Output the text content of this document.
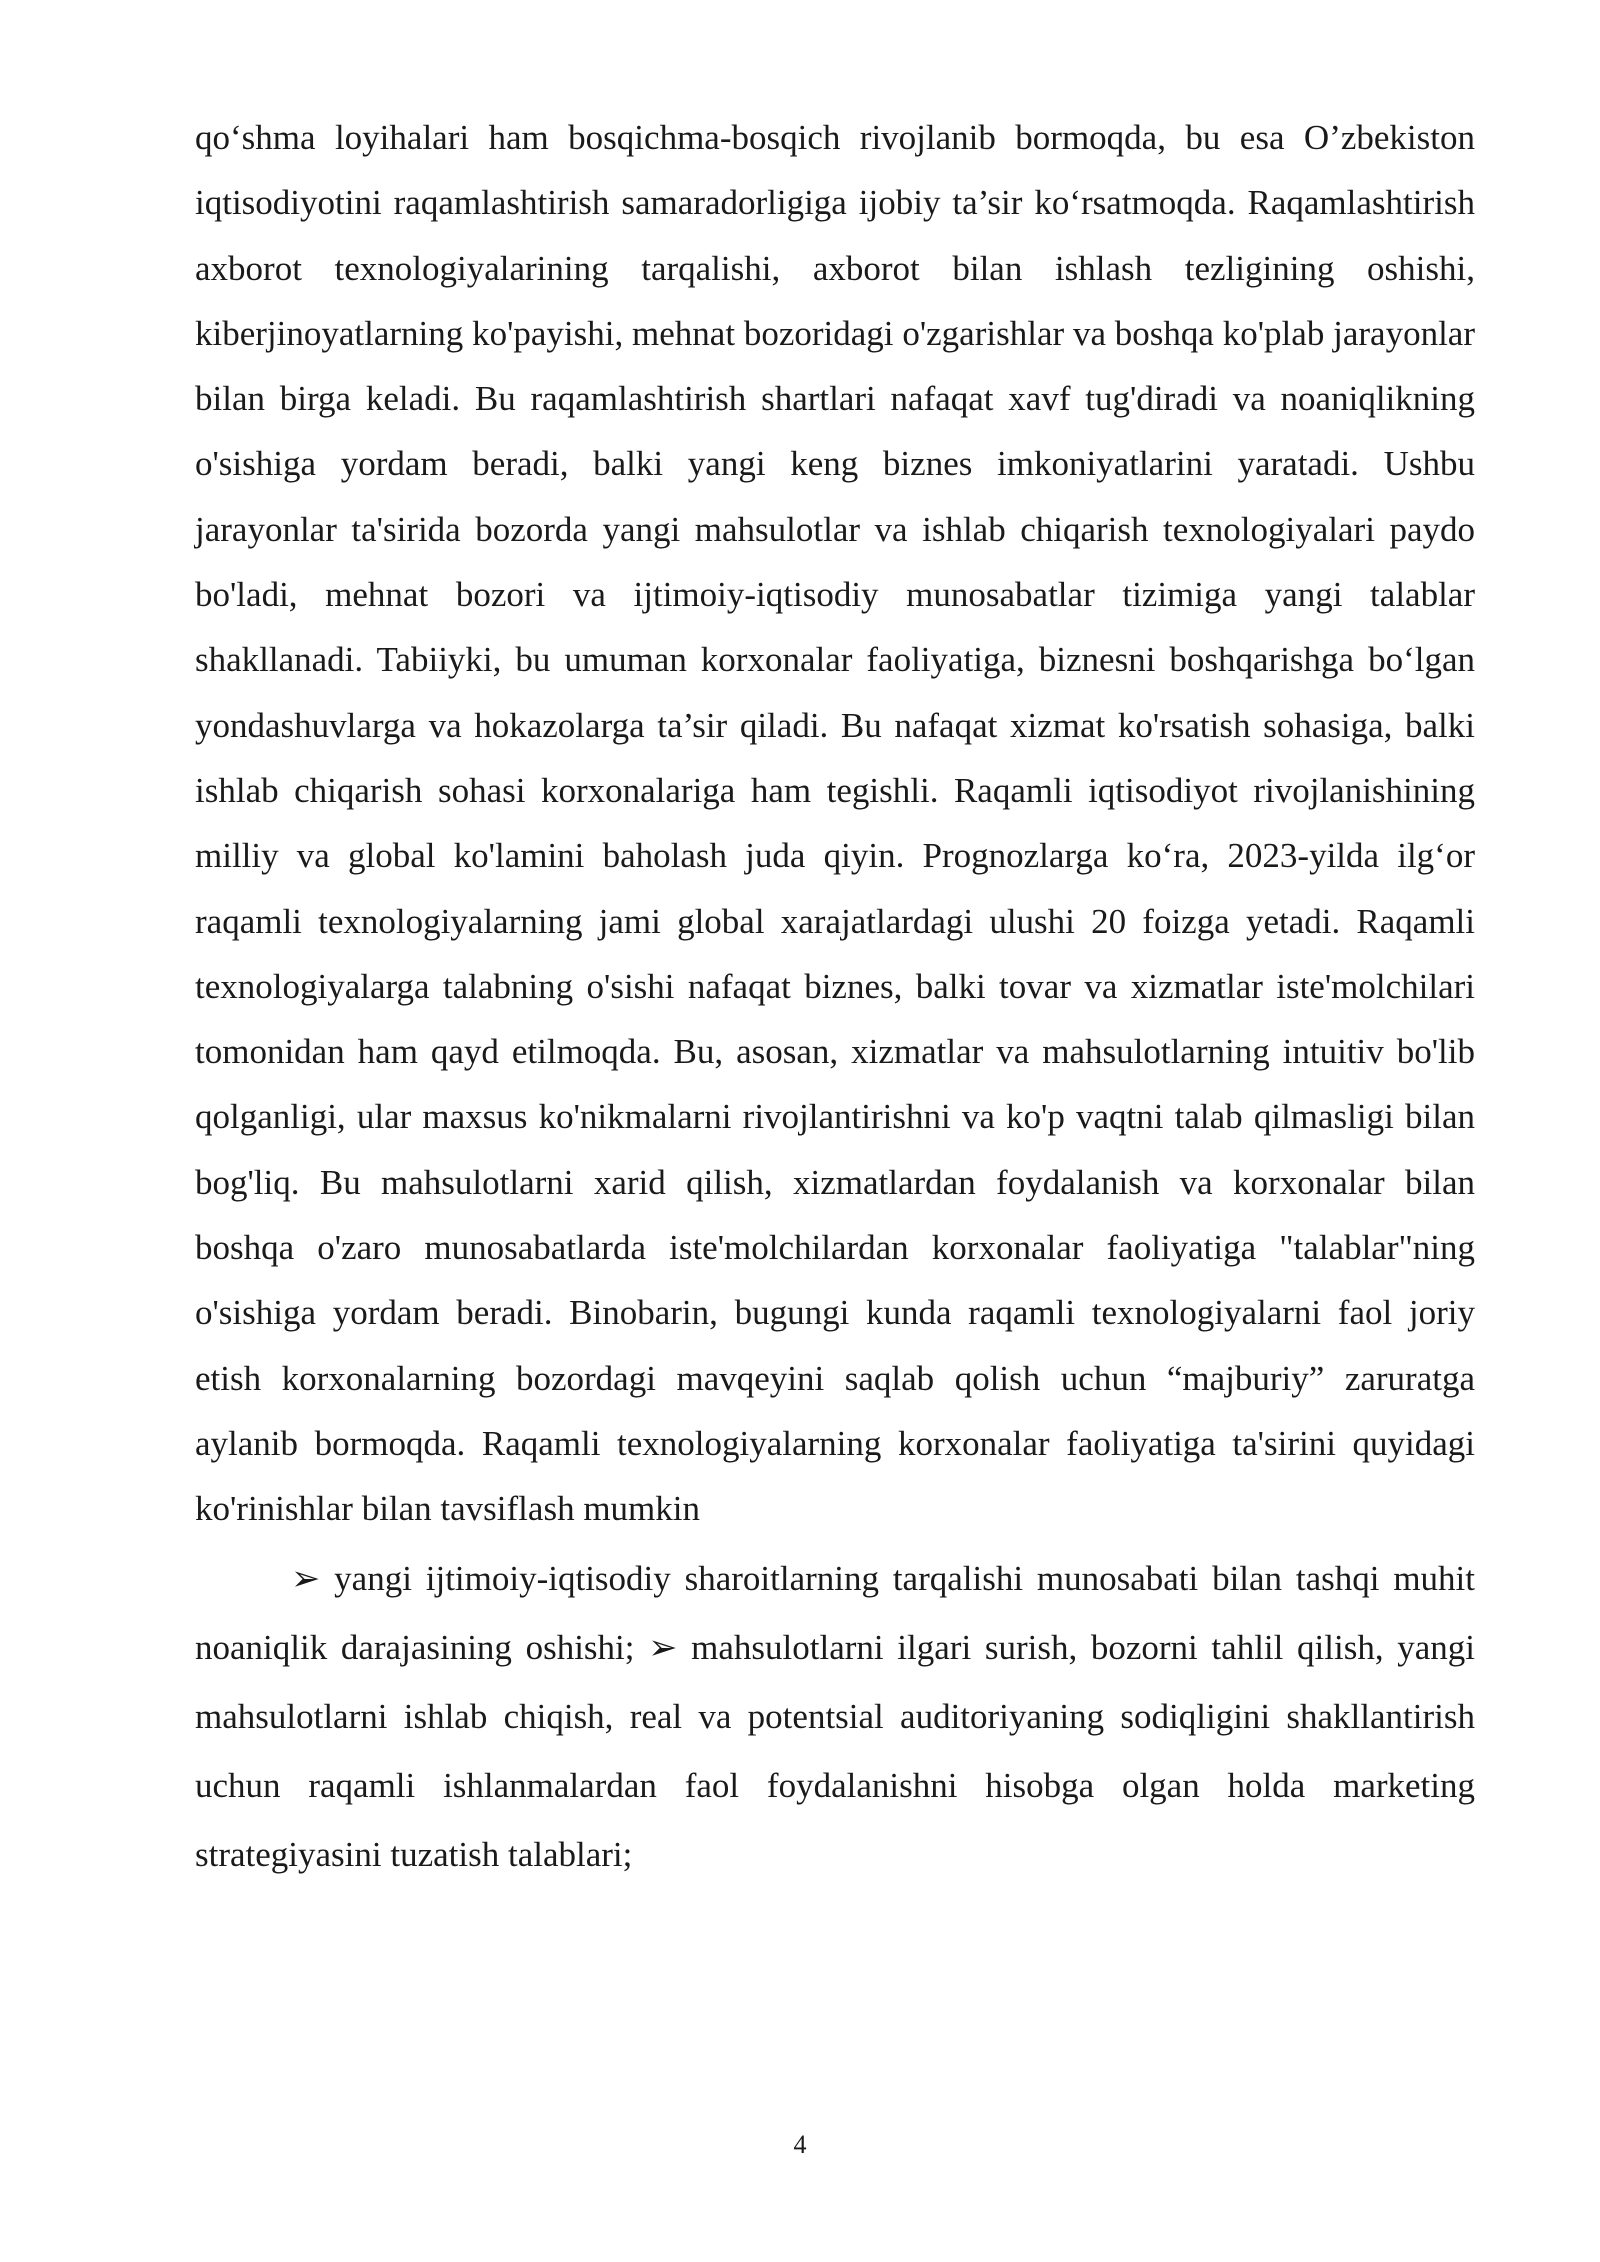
qo‘shma loyihalari ham bosqichma-bosqich rivojlanib bormoqda, bu esa O’zbekiston iqtisodiyotini raqamlashtirish samaradorligiga ijobiy ta’sir ko‘rsatmoqda. Raqamlashtirish axborot texnologiyalarining tarqalishi, axborot bilan ishlash tezligining oshishi, kiberjinoyatlarning ko'payishi, mehnat bozoridagi o'zgarishlar va boshqa ko'plab jarayonlar bilan birga keladi. Bu raqamlashtirish shartlari nafaqat xavf tug'diradi va noaniqlikning o'sishiga yordam beradi, balki yangi keng biznes imkoniyatlarini yaratadi. Ushbu jarayonlar ta'sirida bozorda yangi mahsulotlar va ishlab chiqarish texnologiyalari paydo bo'ladi, mehnat bozori va ijtimoiy-iqtisodiy munosabatlar tizimiga yangi talablar shakllanadi. Tabiiyki, bu umuman korxonalar faoliyatiga, biznesni boshqarishga bo‘lgan yondashuvlarga va hokazolarga ta’sir qiladi. Bu nafaqat xizmat ko'rsatish sohasiga, balki ishlab chiqarish sohasi korxonalariga ham tegishli. Raqamli iqtisodiyot rivojlanishining milliy va global ko'lamini baholash juda qiyin. Prognozlarga ko‘ra, 2023-yilda ilg‘or raqamli texnologiyalarning jami global xarajatlardagi ulushi 20 foizga yetadi. Raqamli texnologiyalarga talabning o'sishi nafaqat biznes, balki tovar va xizmatlar iste'molchilari tomonidan ham qayd etilmoqda. Bu, asosan, xizmatlar va mahsulotlarning intuitiv bo'lib qolganligi, ular maxsus ko'nikmalarni rivojlantirishni va ko'p vaqtni talab qilmasligi bilan bog'liq. Bu mahsulotlarni xarid qilish, xizmatlardan foydalanish va korxonalar bilan boshqa o'zaro munosabatlarda iste'molchilardan korxonalar faoliyatiga "talablar"ning o'sishiga yordam beradi. Binobarin, bugungi kunda raqamli texnologiyalarni faol joriy etish korxonalarning bozordagi mavqeyini saqlab qolish uchun “majburiy” zaruratga aylanib bormoqda. Raqamli texnologiyalarning korxonalar faoliyatiga ta'sirini quyidagi ko'rinishlar bilan tavsiflash mumkin

➢ yangi ijtimoiy-iqtisodiy sharoitlarning tarqalishi munosabati bilan tashqi muhit noaniqlik darajasining oshishi; ➢ mahsulotlarni ilgari surish, bozorni tahlil qilish, yangi mahsulotlarni ishlab chiqish, real va potentsial auditoriyaning sodiqligini shakllantirish uchun raqamli ishlanmalardan faol foydalanishni hisobga olgan holda marketing strategiyasini tuzatish talablari;

4
